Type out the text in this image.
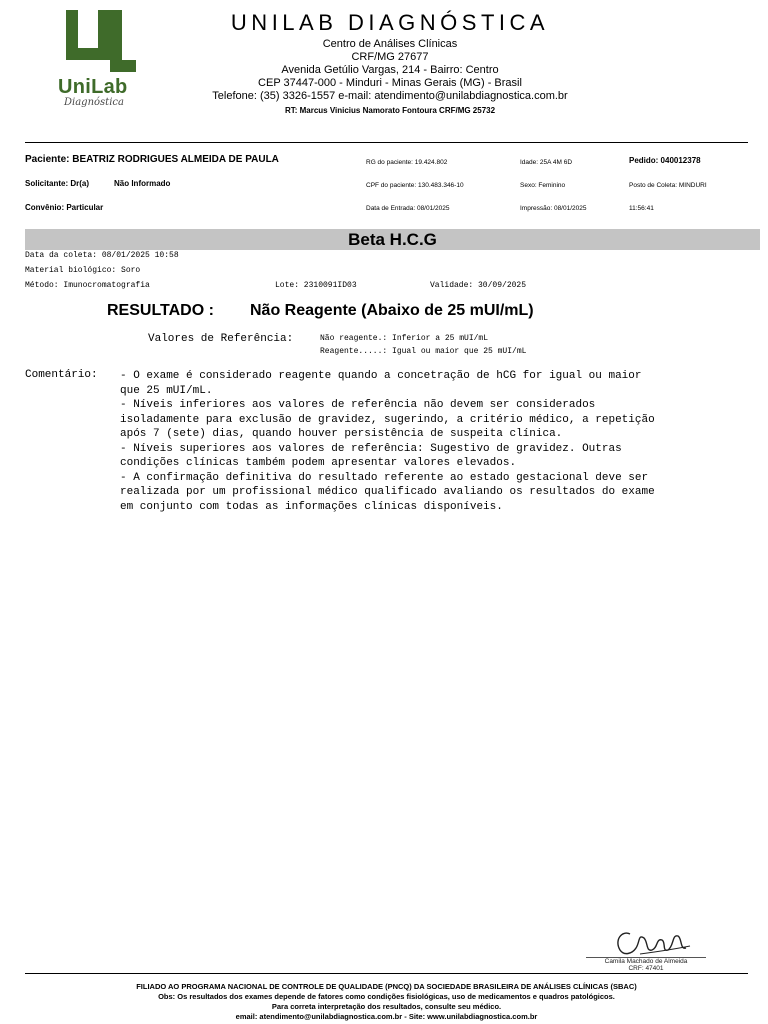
UniLab
Diagnóstica
UNILAB DIAGNÓSTICA
Centro de Análises Clínicas
CRF/MG 27677
Avenida Getúlio Vargas, 214 - Bairro: Centro
CEP 37447-000 - Minduri - Minas Gerais (MG) - Brasil
Telefone: (35) 3326-1557 e-mail: atendimento@unilabdiagnostica.com.br
RT: Marcus Vinicius Namorato Fontoura CRF/MG 25732
Paciente: BEATRIZ RODRIGUES ALMEIDA DE PAULA
Solicitante: Dr(a)	Não Informado
Convênio: Particular
RG do paciente: 19.424.802
CPF do paciente: 130.483.346-10
Data de Entrada: 08/01/2025
Idade: 25A 4M 6D
Sexo: Feminino
Impressão: 08/01/2025
Pedido: 040012378
Posto de Coleta: MINDURI
11:56:41
Beta H.C.G
Data da coleta: 08/01/2025 10:58
Material biológico: Soro
Método: Imunocromatografia	Lote: 2310091ID03	Validade: 30/09/2025
RESULTADO : Não Reagente (Abaixo de 25 mUI/mL)
Valores de Referência:	Não reagente.: Inferior a 25 mUI/mL
Reagente.....: Igual ou maior que 25 mUI/mL
Comentário: - O exame é considerado reagente quando a concetração de hCG for igual ou maior
que 25 mUI/mL.
- Níveis inferiores aos valores de referência não devem ser considerados
isoladamente para exclusão de gravidez, sugerindo, a critério médico, a repetição
após 7 (sete) dias, quando houver persistência de suspeita clínica.
- Níveis superiores aos valores de referência: Sugestivo de gravidez. Outras
condições clínicas também podem apresentar valores elevados.
- A confirmação definitiva do resultado referente ao estado gestacional deve ser
realizada por um profissional médico qualificado avaliando os resultados do exame
em conjunto com todas as informações clínicas disponíveis.
Camila Machado de Almeida
CRF: 47401
FILIADO AO PROGRAMA NACIONAL DE CONTROLE DE QUALIDADE (PNCQ) DA SOCIEDADE BRASILEIRA DE ANÁLISES CLÍNICAS (SBAC)
Obs: Os resultados dos exames depende de fatores como condições fisiológicas, uso de medicamentos e quadros patológicos.
Para correta interpretação dos resultados, consulte seu médico.
email: atendimento@unilabdiagnostica.com.br - Site: www.unilabdiagnostica.com.br
